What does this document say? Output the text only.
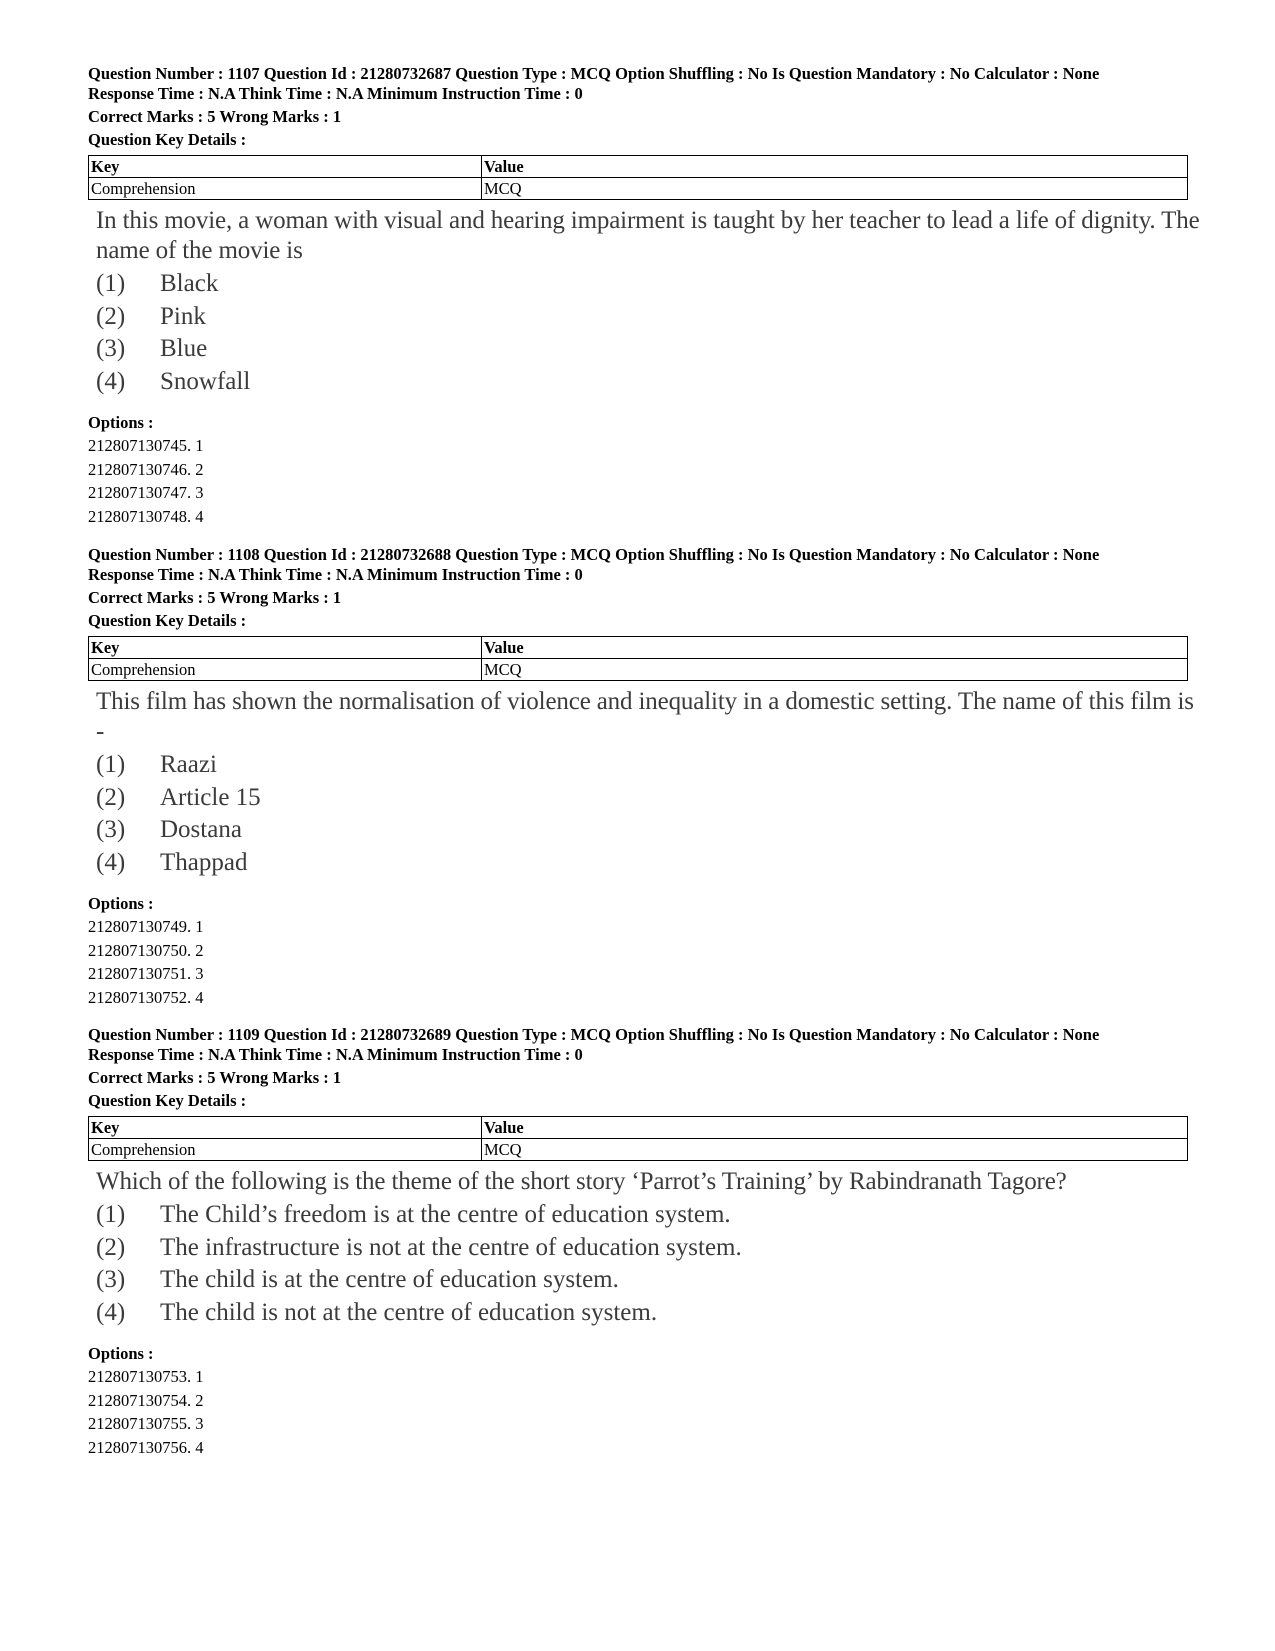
Question Number : 1107 Question Id : 21280732687 Question Type : MCQ Option Shuffling : No Is Question Mandatory : No Calculator : None
Response Time : N.A Think Time : N.A Minimum Instruction Time : 0
Correct Marks : 5 Wrong Marks : 1
Question Key Details :
Key	Value
Comprehension	MCQ
In this movie, a woman with visual and hearing impairment is taught by her teacher to lead a life of dignity. The name of the movie is
(1)	Black
(2)	Pink
(3)	Blue
(4)	Snowfall
Options :
212807130745. 1
212807130746. 2
212807130747. 3
212807130748. 4
Question Number : 1108 Question Id : 21280732688 Question Type : MCQ Option Shuffling : No Is Question Mandatory : No Calculator : None
Response Time : N.A Think Time : N.A Minimum Instruction Time : 0
Correct Marks : 5 Wrong Marks : 1
Question Key Details :
Key	Value
Comprehension	MCQ
This film has shown the normalisation of violence and inequality in a domestic setting. The name of this film is -
(1)	Raazi
(2)	Article 15
(3)	Dostana
(4)	Thappad
Options :
212807130749. 1
212807130750. 2
212807130751. 3
212807130752. 4
Question Number : 1109 Question Id : 21280732689 Question Type : MCQ Option Shuffling : No Is Question Mandatory : No Calculator : None
Response Time : N.A Think Time : N.A Minimum Instruction Time : 0
Correct Marks : 5 Wrong Marks : 1
Question Key Details :
Key	Value
Comprehension	MCQ
Which of the following is the theme of the short story ‘Parrot’s Training’ by Rabindranath Tagore?
(1)	The Child’s freedom is at the centre of education system.
(2)	The infrastructure is not at the centre of education system.
(3)	The child is at the centre of education system.
(4)	The child is not at the centre of education system.
Options :
212807130753. 1
212807130754. 2
212807130755. 3
212807130756. 4
